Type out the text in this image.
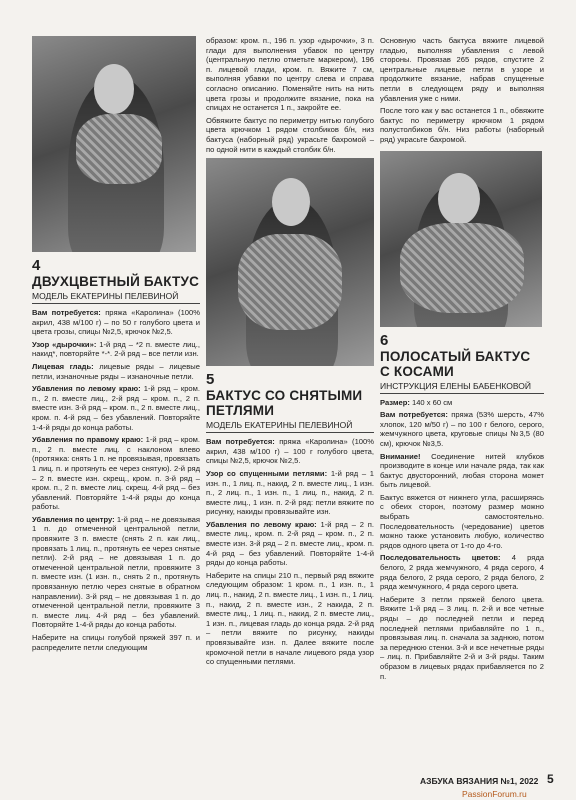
4
ДВУХЦВЕТНЫЙ БАКТУС
МОДЕЛЬ ЕКАТЕРИНЫ ПЕЛЕВИНОЙ

Вам потребуется: пряжа «Каролина» (100% акрил, 438 м/100 г) – по 50 г голубого цвета и цвета грозы, спицы №2,5, крючок №2,5.

Узор «дырочки»: 1-й ряд – *2 п. вместе лиц., накид*, повторяйте *-*. 2-й ряд – все петли изн.

Лицевая гладь: лицевые ряды – лицевые петли, изнаночные ряды – изнаночные петли.

Убавления по левому краю: 1-й ряд – кром. п., 2 п. вместе лиц., 2-й ряд – кром. п., 2 п. вместе изн. 3-й ряд – кром. п., 2 п. вместе лиц., кром. п. 4-й ряд – без убавлений. Повторяйте 1-4-й ряды до конца работы.

Убавления по правому краю: 1-й ряд – кром. п., 2 п. вместе лиц. с наклоном влево (протяжка: снять 1 п. не провязывая, провязать 1 лиц. п. и протянуть ее через снятую). 2-й ряд – 2 п. вместе изн. скрещ., кром. п. 3-й ряд – кром. п., 2 п. вместе лиц. скрещ. 4-й ряд – без убавлений. Повторяйте 1-4-й ряды до конца работы.

Убавления по центру: 1-й ряд – не довязывая 1 п. до отмеченной центральной петли, провяжите 3 п. вместе (снять 2 п. как лиц., провязать 1 лиц. п., протянуть ее через снятые петли). 2-й ряд – не довязывая 1 п. до отмеченной центральной петли, провяжите 3 п. вместе изн. (1 изн. п., снять 2 п., протянуть провязанную петлю через снятые в обратном направлении). 3-й ряд – не довязывая 1 п. до отмеченной центральной петли, провяжите 3 п. вместе лиц. 4-й ряд – без убавлений. Повторяйте 1-4-й ряды до конца работы.

Наберите на спицы голубой пряжей 397 п. и распределите петли следующим

образом: кром. п., 196 п. узор «дырочки», 3 п. глади для выполнения убавок по центру (центральную петлю отметьте маркером), 196 п. лицевой глади, кром. п. Вяжите 7 см, выполняя убавки по центру слева и справа согласно описанию. Поменяйте нить на нить цвета грозы и продолжите вязание, пока на спицах не останется 1 п., закройте ее.

Обвяжите бактус по периметру нитью голубого цвета крючком 1 рядом столбиков б/н, низ бактуса (наборный ряд) украсьте бахромой – по одной нити в каждый столбик б/н.

5
БАКТУС СО СНЯТЫМИ
ПЕТЛЯМИ
МОДЕЛЬ ЕКАТЕРИНЫ ПЕЛЕВИНОЙ

Вам потребуется: пряжа «Каролина» (100% акрил, 438 м/100 г) – 100 г голубого цвета, спицы №2,5, крючок №2,5.

Узор со спущенными петлями: 1-й ряд – 1 изн. п., 1 лиц. п., накид, 2 п. вместе лиц., 1 изн. п., 2 лиц. п., 1 изн. п., 1 лиц. п., накид, 2 п. вместе лиц., 1 изн. п. 2-й ряд: петли вяжите по рисунку, накиды провязывайте изн.

Убавления по левому краю: 1-й ряд – 2 п. вместе лиц., кром. п. 2-й ряд – кром. п., 2 п. вместе изн. 3-й ряд – 2 п. вместе лиц., кром. п. 4-й ряд – без убавлений. Повторяйте 1-4-й ряды до конца работы.

Наберите на спицы 210 п., первый ряд вяжите следующим образом: 1 кром. п., 1 изн. п., 1 лиц. п., накид, 2 п. вместе лиц., 1 изн. п., 1 лиц. п., накид, 2 п. вместе изн., 2 накида, 2 п. вместе лиц., 1 лиц. п., накид, 2 п. вместе лиц., 1 изн. п., лицевая гладь до конца ряда. 2-й ряд – петли вяжите по рисунку, накиды провязывайте изн. п. Далее вяжите после кромочной петли в начале лицевого ряда узор со спущенными петлями.

Основную часть бактуса вяжите лицевой гладью, выполняя убавления с левой стороны. Провязав 265 рядов, спустите 2 центральные лицевые петли в узоре и продолжите вязание, набрав спущенные петли в следующем ряду и выполняя убавления уже с ними.

После того как у вас останется 1 п., обвяжите бактус по периметру крючком 1 рядом полустолбиков б/н. Низ работы (наборный ряд) украсьте бахромой.

6
ПОЛОСАТЫЙ БАКТУС
С КОСАМИ
ИНСТРУКЦИЯ ЕЛЕНЫ БАБЕНКОВОЙ

Размер: 140 х 60 см

Вам потребуется: пряжа (53% шерсть, 47% хлопок, 120 м/50 г) – по 100 г белого, серого, жемчужного цвета, круговые спицы №3,5 (80 см), крючок №3,5.

Внимание! Соединение нитей клубков производите в конце или начале ряда, так как бактус двусторонний, любая сторона может быть лицевой.

Бактус вяжется от нижнего угла, расширяясь с обеих сторон, поэтому размер можно выбрать самостоятельно. Последовательность (чередование) цветов можно также установить любую, количество рядов одного цвета от 1-го до 4-го.

Последовательность цветов: 4 ряда белого, 2 ряда жемчужного, 4 ряда серого, 4 ряда белого, 2 ряда серого, 2 ряда белого, 2 ряда жемчужного, 4 ряда серого цвета.

Наберите 3 петли пряжей белого цвета. Вяжите 1-й ряд – 3 лиц. п. 2-й и все четные ряды – до последней петли и перед последней петлями прибавляйте по 1 п., провязывая лиц. п. сначала за заднюю, потом за переднюю стенки. 3-й и все нечетные ряды – лиц. п. Прибавляйте 2-й и 3-й ряды. Таким образом в лицевых рядах прибавляется по 2 п.

АЗБУКА ВЯЗАНИЯ №1, 2022 5
PassionForum.ru
